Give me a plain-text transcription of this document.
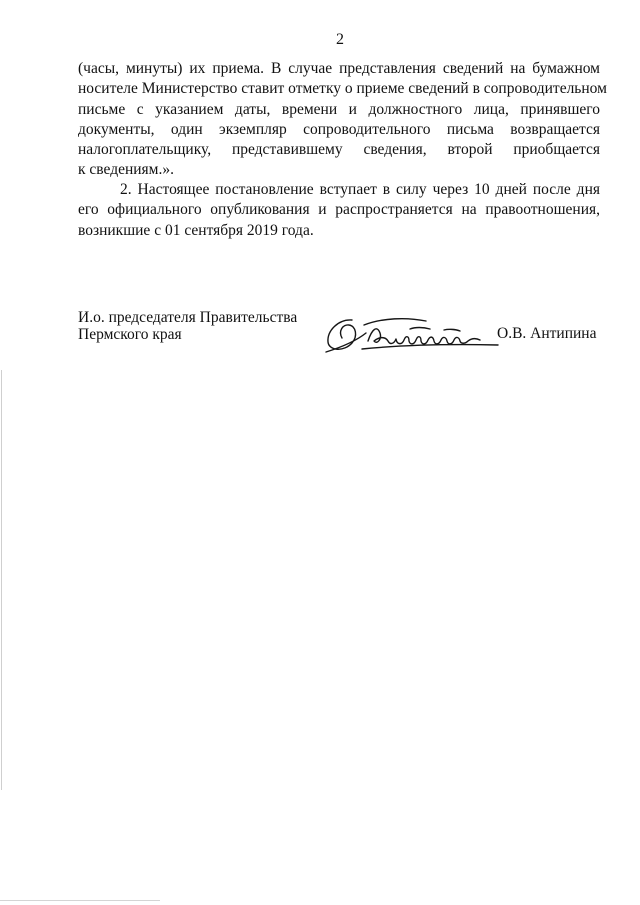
2
(часы, минуты) их приема. В случае представления сведений на бумажном
носителе Министерство ставит отметку о приеме сведений в сопроводительном
письме с указанием даты, времени и должностного лица, принявшего
документы, один экземпляр сопроводительного письма возвращается
налогоплательщику, представившему сведения, второй приобщается
к сведениям.».
2. Настоящее постановление вступает в силу через 10 дней после дня
его официального опубликования и распространяется на правоотношения,
возникшие с 01 сентября 2019 года.
И.о. председателя Правительства
Пермского края	О.В. Антипина
